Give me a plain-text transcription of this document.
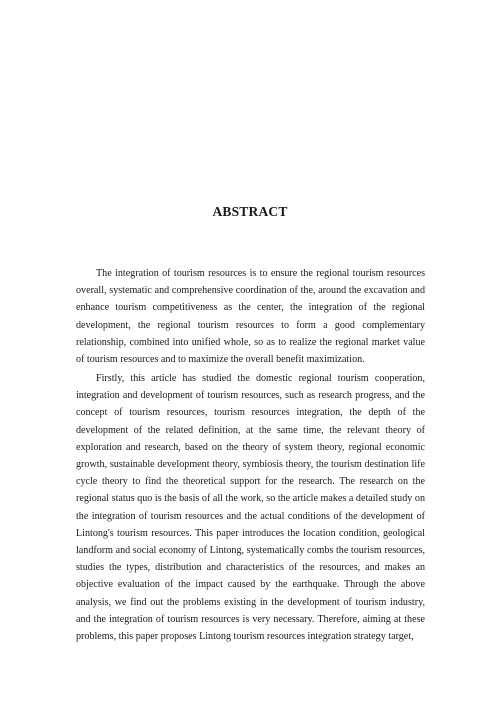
ABSTRACT

The integration of tourism resources is to ensure the regional tourism resources overall, systematic and comprehensive coordination of the, around the excavation and enhance tourism competitiveness as the center, the integration of the regional development, the regional tourism resources to form a good complementary relationship, combined into unified whole, so as to realize the regional market value of tourism resources and to maximize the overall benefit maximization.

Firstly, this article has studied the domestic regional tourism cooperation, integration and development of tourism resources, such as research progress, and the concept of tourism resources, tourism resources integration, the depth of the development of the related definition, at the same time, the relevant theory of exploration and research, based on the theory of system theory, regional economic growth, sustainable development theory, symbiosis theory, the tourism destination life cycle theory to find the theoretical support for the research. The research on the regional status quo is the basis of all the work, so the article makes a detailed study on the integration of tourism resources and the actual conditions of the development of Lintong's tourism resources. This paper introduces the location condition, geological landform and social economy of Lintong, systematically combs the tourism resources, studies the types, distribution and characteristics of the resources, and makes an objective evaluation of the impact caused by the earthquake. Through the above analysis, we find out the problems existing in the development of tourism industry, and the integration of tourism resources is very necessary. Therefore, aiming at these problems, this paper proposes Lintong tourism resources integration strategy target,
